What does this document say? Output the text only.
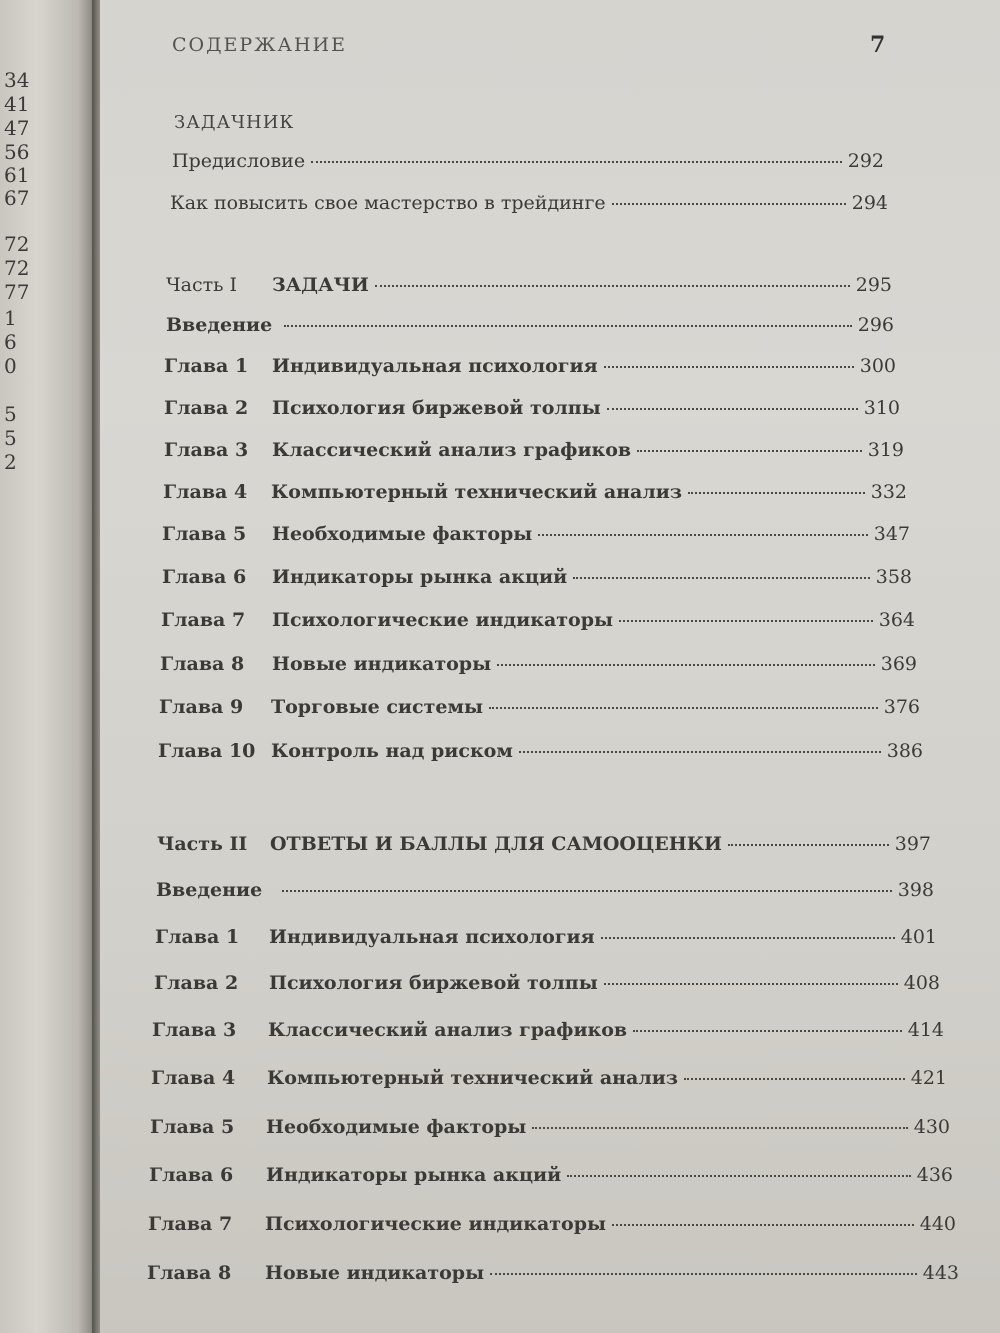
34
41
47
56
61
67
72
72
77
1
6
0
5
5
2
СОДЕРЖАНИЕ	7
ЗАДАЧНИК
Предисловие	292
Как повысить свое мастерство в трейдинге	294
Часть I	ЗАДАЧИ	295
Введение	296
Глава 1	Индивидуальная психология	300
Глава 2	Психология биржевой толпы	310
Глава 3	Классический анализ графиков	319
Глава 4	Компьютерный технический анализ	332
Глава 5	Необходимые факторы	347
Глава 6	Индикаторы рынка акций	358
Глава 7	Психологические индикаторы	364
Глава 8	Новые индикаторы	369
Глава 9	Торговые системы	376
Глава 10 Контроль над риском	386
Часть II	ОТВЕТЫ И БАЛЛЫ ДЛЯ САМООЦЕНКИ	397
Введение	398
Глава 1	Индивидуальная психология	401
Глава 2	Психология биржевой толпы	408
Глава 3	Классический анализ графиков	414
Глава 4	Компьютерный технический анализ	421
Глава 5	Необходимые факторы	430
Глава 6	Индикаторы рынка акций	436
Глава 7	Психологические индикаторы	440
Глава 8	Новые индикаторы	443
